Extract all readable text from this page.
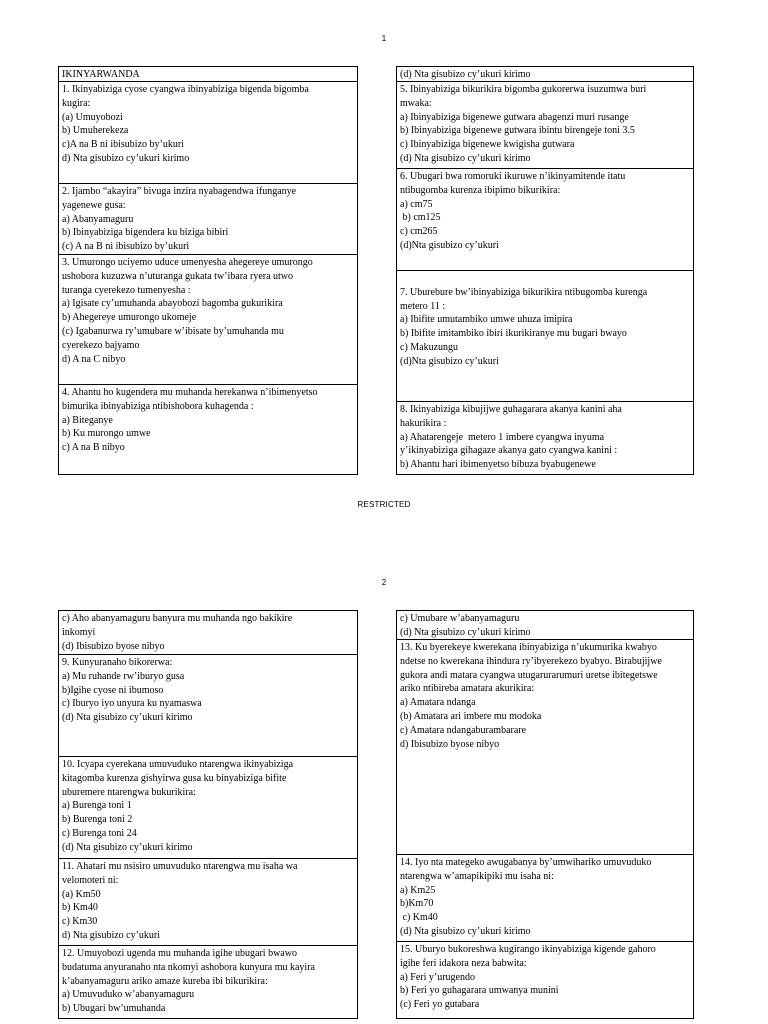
1

IKINYARWANDA

1. Ikinyabiziga cyose cyangwa ibinyabiziga bigenda bigomba

kugira:

(a) Umuyobozi

b) Umuherekeza

c)A na B ni ibisubizo by’ukuri

d) Nta gisubizo cy’ukuri kirimo

2. Ijambo “akayira” bivuga inzira nyabagendwa ifunganye

yagenewe gusa:

a) Abanyamaguru

b) Ibinyabiziga bigendera ku biziga bibiri

(c) A na B ni ibisubizo by’ukuri

3. Umurongo uciyemo uduce umenyesha ahegereye umurongo

ushobora kuzuzwa n’uturanga gukata tw’ibara ryera utwo

turanga cyerekezo tumenyesha :

a) Igisate cy’umuhanda abayobozi bagomba gukurikira

b) Ahegereye umurongo ukomeje

(c) Igabanurwa ry’umubare w’ibisate by’umuhanda mu

cyerekezo bajyamo

d) A na C nibyo

4. Ahantu ho kugendera mu muhanda herekanwa n’ibimenyetso

bimurika ibinyabiziga ntibishobora kuhagenda :

a) Biteganye

b) Ku murongo umwe

c) A na B nibyo

(d) Nta gisubizo cy’ukuri kirimo

5. Ibinyabiziga bikurikira bigomba gukorerwa isuzumwa buri

mwaka:

a) Ibinyabiziga bigenewe gutwara abagenzi muri rusange

b) Ibinyabiziga bigenewe gutwara ibintu birengeje toni 3.5

c) Ibinyabiziga bigenewe kwigisha gutwara

(d) Nta gisubizo cy’ukuri kirimo

6. Ubugari bwa romoruki ikuruwe n’ikinyamitende itatu

ntibugomba kurenza ibipimo bikurikira:

a) cm75

b) cm125

c) cm265

(d)Nta gisubizo cy’ukuri

7. Uburebure bw’ibinyabiziga bikurikira ntibugomba kurenga

metero 11 :

a) Ibifite umutambiko umwe uhuza imipira

b) Ibifite imitambiko ibiri ikurikiranye mu bugari bwayo

c) Makuzungu

(d)Nta gisubizo cy’ukuri

8. Ikinyabiziga kibujijwe guhagarara akanya kanini aha

hakurikira :

a) Ahatarengeje  metero 1 imbere cyangwa inyuma

y’ikinyabiziga gihagaze akanya gato cyangwa kanini :

b) Ahantu hari ibimenyetso bibuza byabugenewe

RESTRICTED
2

c) Aho abanyamaguru banyura mu muhanda ngo bakikire

inkomyi

(d) Ibisubizo byose nibyo

9. Kunyuranaho bikorerwa:

a) Mu ruhande rw’iburyo gusa

b)Igihe cyose ni ibumoso

c) Iburyo iyo unyura ku nyamaswa

(d) Nta gisubizo cy’ukuri kirimo

10. Icyapa cyerekana umuvuduko ntarengwa ikinyabiziga

kitagomba kurenza gishyirwa gusa ku binyabiziga bifite

uburemere ntarengwa bukurikira:

a) Burenga toni 1

b) Burenga toni 2

c) Burenga toni 24

(d) Nta gisubizo cy’ukuri kirimo

11. Ahatari mu nsisiro umuvuduko ntarengwa mu isaha wa

velomoteri ni:

(a) Km50

b) Km40

c) Km30

d) Nta gisubizo cy’ukuri

12. Umuyobozi ugenda mu muhanda igihe ubugari bwawo

budatuma anyuranaho nta nkomyi ashobora kunyura mu kayira

k’abanyamaguru ariko amaze kureba ibi bikurikira:

a) Umuvuduko w’abanyamaguru

b) Ubugari bw’umuhanda

c) Umubare w’abanyamaguru

(d) Nta gisubizo cy’ukuri kirimo

13. Ku byerekeye kwerekana ibinyabiziga n’ukumurika kwabyo

ndetse no kwerekana ihindura ry’ibyerekezo byabyo. Birabujijwe

gukora andi matara cyangwa utugarurarumuri uretse ibitegetswe

ariko ntibireba amatara akurikira:

a) Amatara ndanga

(b) Amatara ari imbere mu modoka

c) Amatara ndangaburambarare

d) Ibisubizo byose nibyo

14. Iyo nta mategeko awugabanya by’umwihariko umuvuduko

ntarengwa w’amapikipiki mu isaha ni:

a) Km25

b)Km70

c) Km40

(d) Nta gisubizo cy’ukuri kirimo

15. Uburyo bukoreshwa kugirango ikinyabiziga kigende gahoro

igihe feri idakora neza babwita:

a) Feri y’urugendo

b) Feri yo guhagarara umwanya munini

(c) Feri yo gutabara
